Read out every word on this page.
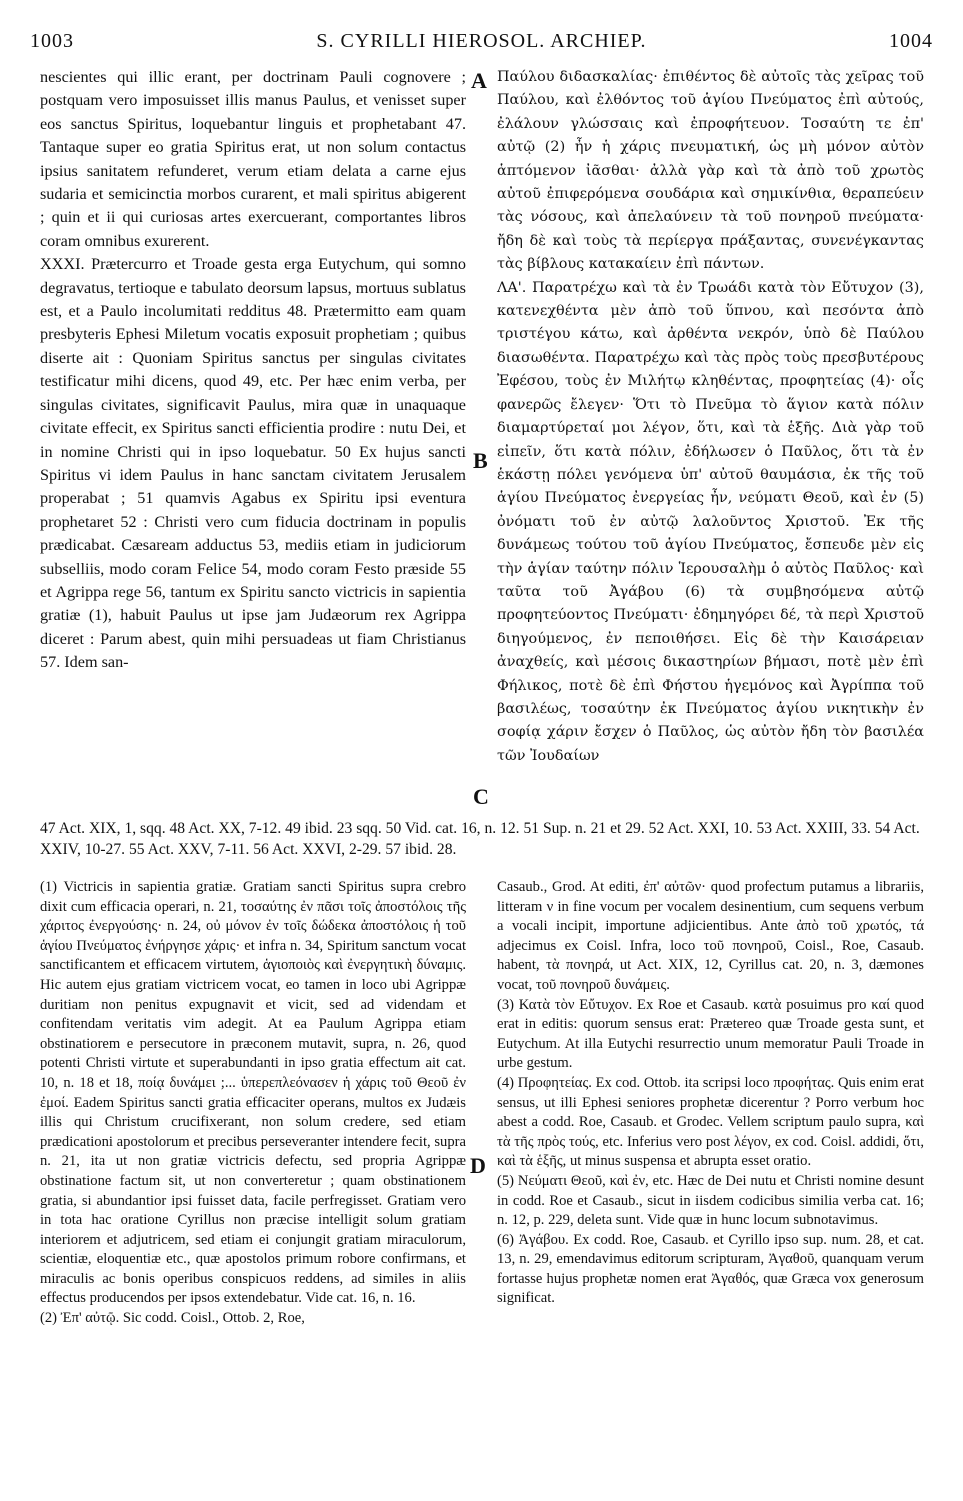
1003	S. CYRILLI HIEROSOL. ARCHIEP.	1004
nescientes qui illic erant, per doctrinam Pauli cognovere ; postquam vero imposuisset illis manus Paulus, et venisset super eos sanctus Spiritus, loquebantur linguis et prophetabant 47. Tantaque super eo gratia Spiritus erat, ut non solum contactus ipsius sanitatem refunderet, verum etiam delata a carne ejus sudaria et semicinctia morbos curarent, et mali spiritus abigerent ; quin et ii qui curiosas artes exercuerant, comportantes libros coram omnibus exurerent.
XXXI. Prætercurro et Troade gesta erga Eutychum, qui somno degravatus, tertioque e tabulato deorsum lapsus, mortuus sublatus est, et a Paulo incolumitati redditus 48. Prætermitto eam quam presbyteris Ephesi Miletum vocatis exposuit prophetiam ; quibus diserte ait : Quoniam Spiritus sanctus per singulas civitates testificatur mihi dicens, quod 49, etc. Per hæc enim verba, per singulas civitates, significavit Paulus, mira quæ in unaquaque civitate effecit, ex Spiritus sancti efficientia prodire : nutu Dei, et in nomine Christi qui in ipso loquebatur. 50 Ex hujus sancti Spiritus vi idem Paulus in hanc sanctam civitatem Jerusalem properabat ; 51 quamvis Agabus ex Spiritu ipsi eventura prophetaret 52 : Christi vero cum fiducia doctrinam in populis prædicabat. Cæsaream adductus 53, mediis etiam in judiciorum subselliis, modo coram Felice 54, modo coram Festo præside 55 et Agrippa rege 56, tantum ex Spiritu sancto victricis in sapientia gratiæ (1), habuit Paulus ut ipse jam Judæorum rex Agrippa diceret : Parum abest, quin mihi persuadeas ut fiam Christianus 57. Idem san-
Παύλου διδασκαλίας· ἐπιθέντος δὲ αὐτοῖς τὰς χεῖρας τοῦ Παύλου, καὶ ἐλθόντος τοῦ ἁγίου Πνεύματος ἐπὶ αὐτούς, ἐλάλουν γλώσσαις καὶ ἐπροφήτευον. Τοσαύτη τε ἐπ' αὐτῷ (2) ἦν ἡ χάρις πνευματική, ὡς μὴ μόνον αὐτὸν ἁπτόμενον ἰᾶσθαι· ἀλλὰ γὰρ καὶ τὰ ἀπὸ τοῦ χρωτὸς αὐτοῦ ἐπιφερόμενα σουδάρια καὶ σημικίνθια, θεραπεύειν τὰς νόσους, καὶ ἀπελαύνειν τὰ τοῦ πονηροῦ πνεύματα· ἤδη δὲ καὶ τοὺς τὰ περίεργα πράξαντας, συνενέγκαντας τὰς βίβλους κατακαίειν ἐπὶ πάντων.
ΛΑ'. Παρατρέχω καὶ τὰ ἐν Τρωάδι κατὰ τὸν Εὔτυχον (3), κατενεχθέντα μὲν ἀπὸ τοῦ ὕπνου, καὶ πεσόντα ἀπὸ τριστέγου κάτω, καὶ ἀρθέντα νεκρόν, ὑπὸ δὲ Παύλου διασωθέντα. Παρατρέχω καὶ τὰς πρὸς τοὺς πρεσβυτέρους Ἐφέσου, τοὺς ἐν Μιλήτῳ κληθέντας, προφητείας (4)· οἷς φανερῶς ἔλεγεν· Ὅτι τὸ Πνεῦμα τὸ ἅγιον κατὰ πόλιν διαμαρτύρεταί μοι λέγον, ὅτι, καὶ τὰ ἑξῆς. Διὰ γὰρ τοῦ εἰπεῖν, ὅτι κατὰ πόλιν, ἐδήλωσεν ὁ Παῦλος, ὅτι τὰ ἐν ἑκάστῃ πόλει γενόμενα ὑπ' αὐτοῦ θαυμάσια, ἐκ τῆς τοῦ ἁγίου Πνεύματος ἐνεργείας ἦν, νεύματι Θεοῦ, καὶ ἐν (5) ὀνόματι τοῦ ἐν αὐτῷ λαλοῦντος Χριστοῦ. Ἐκ τῆς δυνάμεως τούτου τοῦ ἁγίου Πνεύματος, ἔσπευδε μὲν εἰς τὴν ἁγίαν ταύτην πόλιν Ἱερουσαλὴμ ὁ αὐτὸς Παῦλος· καὶ ταῦτα τοῦ Ἀγάβου (6) τὰ συμβησόμενα αὐτῷ προφητεύοντος Πνεύματι· ἐδημηγόρει δέ, τὰ περὶ Χριστοῦ διηγούμενος, ἐν πεποιθήσει. Εἰς δὲ τὴν Καισάρειαν ἀναχθείς, καὶ μέσοις δικαστηρίων βήμασι, ποτὲ μὲν ἐπὶ Φήλικος, ποτὲ δὲ ἐπὶ Φήστου ἡγεμόνος καὶ Ἀγρίππα τοῦ βασιλέως, τοσαύτην ἐκ Πνεύματος ἁγίου νικητικὴν ἐν σοφίᾳ χάριν ἔσχεν ὁ Παῦλος, ὡς αὐτὸν ἤδη τὸν βασιλέα τῶν Ἰουδαίων
A
B
C
D
47 Act. XIX, 1, sqq. 48 Act. XX, 7-12. 49 ibid. 23 sqq. 50 Vid. cat. 16, n. 12. 51 Sup. n. 21 et 29. 52 Act. XXI, 10. 53 Act. XXIII, 33. 54 Act. XXIV, 10-27. 55 Act. XXV, 7-11. 56 Act. XXVI, 2-29. 57 ibid. 28.
(1) Victricis in sapientia gratiæ. Gratiam sancti Spiritus supra crebro dixit cum efficacia operari, n. 21, τοσαύτης ἐν πᾶσι τοῖς ἀποστόλοις τῆς χάριτος ἐνεργούσης· n. 24, οὐ μόνον ἐν τοῖς δώδεκα ἀποστόλοις ἡ τοῦ ἁγίου Πνεύματος ἐνήργησε χάρις· et infra n. 34, Spiritum sanctum vocat sanctificantem et efficacem virtutem, ἁγιοποιὸς καὶ ἐνεργητικὴ δύναμις. Hic autem ejus gratiam victricem vocat, eo tamen in loco ubi Agrippæ duritiam non penitus expugnavit et vicit, sed ad videndam et confitendam veritatis vim adegit. At ea Paulum Agrippa etiam obstinatiorem e persecutore in præconem mutavit, supra, n. 26, quod potenti Christi virtute et superabundanti in ipso gratia effectum ait cat. 10, n. 18 et 18, ποίᾳ δυνάμει ;... ὑπερεπλεόνασεν ἡ χάρις τοῦ Θεοῦ ἐν ἐμοί. Eadem Spiritus sancti gratia efficaciter operans, multos ex Judæis illis qui Christum crucifixerant, non solum credere, sed etiam prædicationi apostolorum et precibus perseveranter intendere fecit, supra n. 21, ita ut non gratiæ victricis defectu, sed propria Agrippæ obstinatione factum sit, ut non converteretur ; quam obstinationem gratia, si abundantior ipsi fuisset data, facile perfregisset. Gratiam vero in tota hac oratione Cyrillus non præcise intelligit solum gratiam interiorem et adjutricem, sed etiam ei conjungit gratiam miraculorum, scientiæ, eloquentiæ etc., quæ apostolos primum robore confirmans, et miraculis ac bonis operibus conspicuos reddens, ad similes in aliis effectus producendos per ipsos extendebatur. Vide cat. 16, n. 16.
(2) Ἐπ' αὐτῷ. Sic codd. Coisl., Ottob. 2, Roe,
Casaub., Grod. At editi, ἐπ' αὐτῶν· quod profectum putamus a librariis, litteram ν in fine vocum per vocalem desinentium, cum sequens verbum a vocali incipit, importune adjicientibus. Ante ἀπὸ τοῦ χρωτός, τά adjecimus ex Coisl. Infra, loco τοῦ πονηροῦ, Coisl., Roe, Casaub. habent, τὰ πονηρά, ut Act. XIX, 12, Cyrillus cat. 20, n. 3, dæmones vocat, τοῦ πονηροῦ δυνάμεις.
(3) Κατὰ τὸν Εὔτυχον. Ex Roe et Casaub. κατὰ posuimus pro καί quod erat in editis: quorum sensus erat: Prætereo quæ Troade gesta sunt, et Eutychum. At illa Eutychi resurrectio unum memoratur Pauli Troade in urbe gestum.
(4) Προφητείας. Ex cod. Ottob. ita scripsi loco προφήτας. Quis enim erat sensus, ut illi Ephesi seniores prophetæ dicerentur ? Porro verbum hoc abest a codd. Roe, Casaub. et Grodec. Vellem scriptum paulo supra, καὶ τὰ τῆς πρὸς τούς, etc. Inferius vero post λέγον, ex cod. Coisl. addidi, ὅτι, καὶ τὰ ἑξῆς, ut minus suspensa et abrupta esset oratio.
(5) Νεύματι Θεοῦ, καὶ ἐν, etc. Hæc de Dei nutu et Christi nomine desunt in codd. Roe et Casaub., sicut in iisdem codicibus similia verba cat. 16; n. 12, p. 229, deleta sunt. Vide quæ in hunc locum subnotavimus.
(6) Ἀγάβου. Ex codd. Roe, Casaub. et Cyrillo ipso sup. num. 28, et cat. 13, n. 29, emendavimus editorum scripturam, Ἀγαθοῦ, quanquam verum fortasse hujus prophetæ nomen erat Ἀγαθός, quæ Græca vox generosum significat.
